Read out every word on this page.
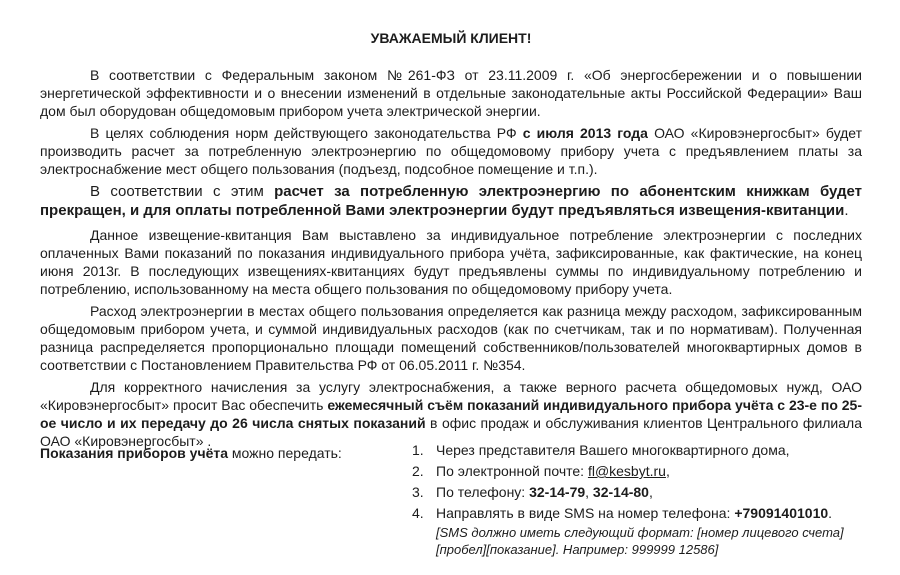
УВАЖАЕМЫЙ КЛИЕНТ!

В соответствии с Федеральным законом №261-ФЗ от 23.11.2009 г. «Об энергосбережении и о повышении энергетической эффективности и о внесении изменений в отдельные законодательные акты Российской Федерации» Ваш дом был оборудован общедомовым прибором учета электрической энергии.

В целях соблюдения норм действующего законодательства РФ с июля 2013 года ОАО «Кировэнергосбыт» будет производить расчет за потребленную электроэнергию по общедомовому прибору учета с предъявлением платы за электроснабжение мест общего пользования (подъезд, подсобное помещение и т.п.).

В соответствии с этим расчет за потребленную электроэнергию по абонентским книжкам будет прекращен, и для оплаты потребленной Вами электроэнергии будут предъявляться извещения-квитанции.

Данное извещение-квитанция Вам выставлено за индивидуальное потребление электроэнергии с последних оплаченных Вами показаний по показания индивидуального прибора учёта, зафиксированные, как фактические, на конец июня 2013г. В последующих извещениях-квитанциях будут предъявлены суммы по индивидуальному потреблению и потреблению, использованному на места общего пользования по общедомовому прибору учета.

Расход электроэнергии в местах общего пользования определяется как разница между расходом, зафиксированным общедомовым прибором учета, и суммой индивидуальных расходов (как по счетчикам, так и по нормативам). Полученная разница распределяется пропорционально площади помещений собственников/пользователей многоквартирных домов в соответствии с Постановлением Правительства РФ от 06.05.2011 г. №354.

Для корректного начисления за услугу электроснабжения, а также верного расчета общедомовых нужд, ОАО «Кировэнергосбыт» просит Вас обеспечить ежемесячный съём показаний индивидуального прибора учёта с 23-е по 25-ое число и их передачу до 26 числа снятых показаний в офис продаж и обслуживания клиентов Центрального филиала ОАО «Кировэнергосбыт» .

Показания приборов учёта можно передать:	1. Через представителя Вашего многоквартирного дома,
2. По электронной почте: fl@kesbyt.ru,
3. По телефону: 32-14-79, 32-14-80,
4. Направлять в виде SMS на номер телефона: +79091401010.
[SMS должно иметь следующий формат: [номер лицевого счета][пробел][показание]. Например: 999999 12586]
